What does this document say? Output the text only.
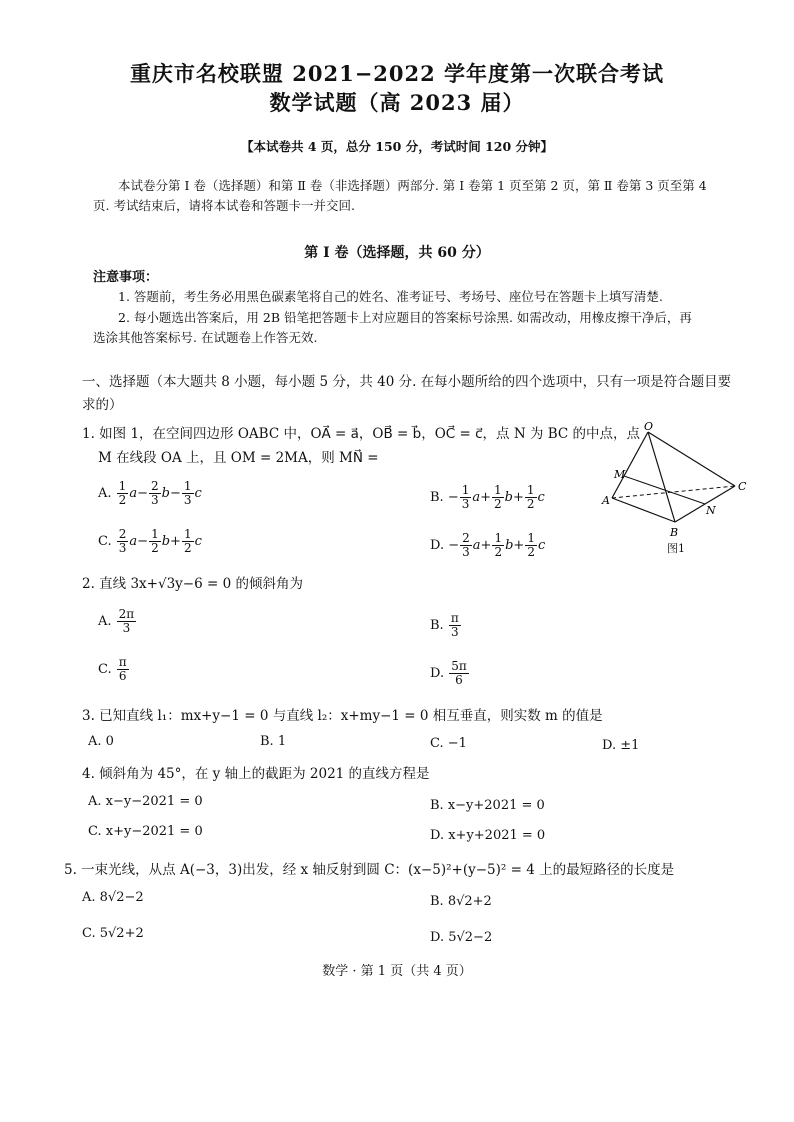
重庆市名校联盟 2021−2022 学年度第一次联合考试
数学试题（高 2023 届）
【本试卷共 4 页，总分 150 分，考试时间 120 分钟】
本试卷分第 Ⅰ 卷（选择题）和第 Ⅱ 卷（非选择题）两部分. 第 Ⅰ 卷第 1 页至第 2 页，第 Ⅱ 卷第 3 页至第 4
页. 考试结束后，请将本试卷和答题卡一并交回.
第 Ⅰ 卷（选择题，共 60 分）
注意事项：
1. 答题前，考生务必用黑色碳素笔将自己的姓名、准考证号、考场号、座位号在答题卡上填写清楚.
2. 每小题选出答案后，用 2B 铅笔把答题卡上对应题目的答案标号涂黑. 如需改动，用橡皮擦干净后，再
选涂其他答案标号. 在试题卷上作答无效.
一、选择题（本大题共 8 小题，每小题 5 分，共 40 分. 在每小题所给的四个选项中，只有一项是符合题目要
求的）
1. 如图 1，在空间四边形 OABC 中，OA⃗ = a⃗，OB⃗ = b⃗，OC⃗ = c⃗，点 N 为 BC 的中点，点
M 在线段 OA 上，且 OM = 2MA，则 MN⃗ =
A. $\frac{1}{2} a- \frac{2}{3} b- \frac{1}{3}$ c	B. − $\frac{1}{3} a+ \frac{1}{2} b+ \frac{1}{2}$ c
C. $\frac{2}{3} a- \frac{1}{2} b+ \frac{1}{2}$ c	D. − $\frac{2}{3} a+ \frac{1}{2} b+ \frac{1}{2}$ c
O
M
A
B
C
N
图1
2. 直线 3x+√3y−6 = 0 的倾斜角为
A. $\frac{2\pi}{3}$	B. $\frac{\pi}{3}$
C. $\frac{\pi}{6}$	D. $\frac{5\pi}{6}$
3. 已知直线 l₁：mx+y−1 = 0 与直线 l₂：x+my−1 = 0 相互垂直，则实数 m 的值是
A. 0	B. 1	C. −1	D. ±1
4. 倾斜角为 45°，在 y 轴上的截距为 2021 的直线方程是
A. x−y−2021 = 0	B. x−y+2021 = 0
C. x+y−2021 = 0	D. x+y+2021 = 0
5. 一束光线，从点 A(−3，3)出发，经 x 轴反射到圆 C：(x−5)²+(y−5)² = 4 上的最短路径的长度是
A. 8√2−2	B. 8√2+2
C. 5√2+2	D. 5√2−2
数学 · 第 1 页（共 4 页）
